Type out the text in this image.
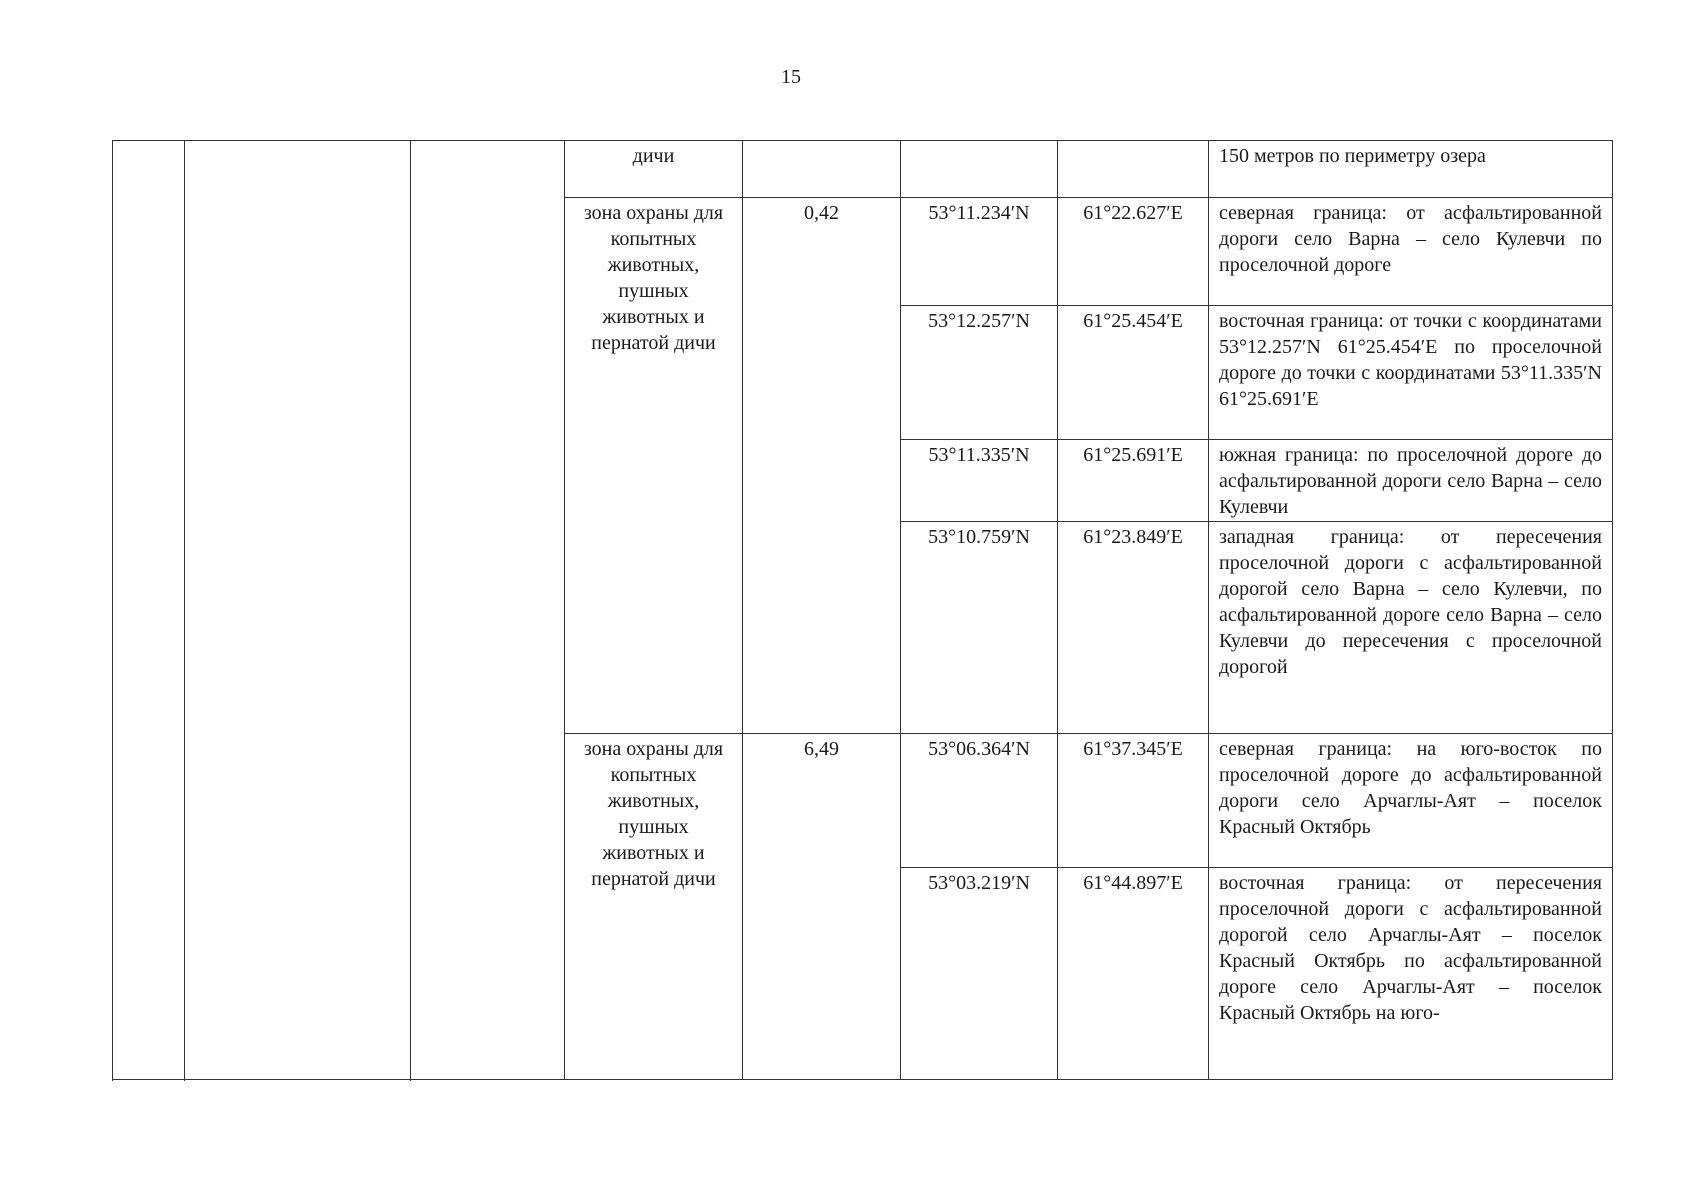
15
			дичи				150 метров по периметру озера
			зона охраны для копытных животных, пушных животных и пернатой дичи	0,42	53°11.234′N	61°22.627′E	северная граница: от асфальтированной дороги село Варна – село Кулевчи по проселочной дороге
					53°12.257′N	61°25.454′E	восточная граница: от точки с координатами 53°12.257′N 61°25.454′E по проселочной дороге до точки с координатами 53°11.335′N 61°25.691′E
					53°11.335′N	61°25.691′E	южная граница: по проселочной дороге до асфальтированной дороги село Варна – село Кулевчи
					53°10.759′N	61°23.849′E	западная граница: от пересечения проселочной дороги с асфальтированной дорогой село Варна – село Кулевчи, по асфальтированной дороге село Варна – село Кулевчи до пересечения с проселочной дорогой
			зона охраны для копытных животных, пушных животных и пернатой дичи	6,49	53°06.364′N	61°37.345′E	северная граница: на юго-восток по проселочной дороге до асфальтированной дороги село Арчаглы-Аят – поселок Красный Октябрь
					53°03.219′N	61°44.897′E	восточная граница: от пересечения проселочной дороги с асфальтированной дорогой село Арчаглы-Аят – поселок Красный Октябрь по асфальтированной дороге село Арчаглы-Аят – поселок Красный Октябрь на юго-
